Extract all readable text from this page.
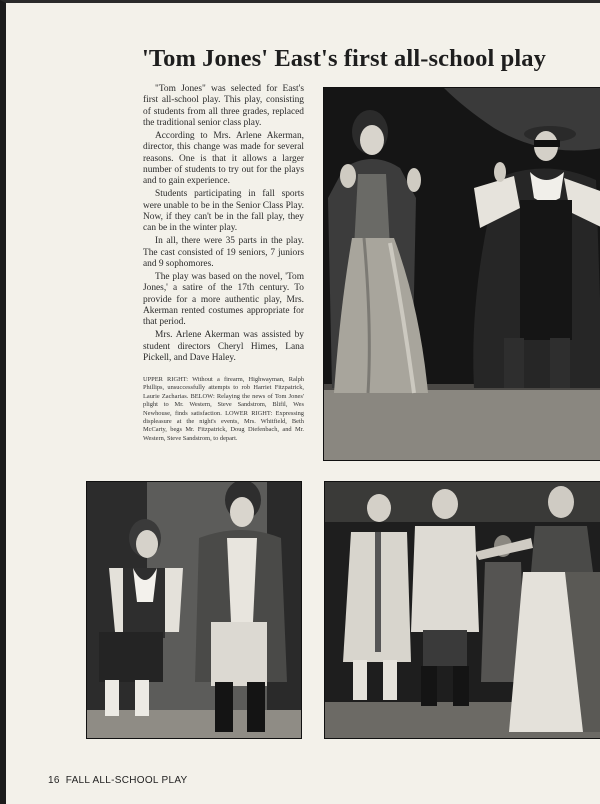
'Tom Jones' East's first all-school play

"Tom Jones" was selected for East's first all-school play. This play, consisting of students from all three grades, replaced the traditional senior class play.

According to Mrs. Arlene Akerman, director, this change was made for several reasons. One is that it allows a larger number of students to try out for the plays and to gain experience.

Students participating in fall sports were unable to be in the Senior Class Play. Now, if they can't be in the fall play, they can be in the winter play.

In all, there were 35 parts in the play. The cast consisted of 19 seniors, 7 juniors and 9 sophomores.

The play was based on the novel, 'Tom Jones,' a satire of the 17th century. To provide for a more authentic play, Mrs. Akerman rented costumes appropriate for that period.

Mrs. Arlene Akerman was assisted by student directors Cheryl Himes, Lana Pickell, and Dave Haley.

UPPER RIGHT: Without a firearm, Highwayman, Ralph Phillips, unsuccessfully attempts to rob Harriet Fitzpatrick, Laurie Zacharias. BELOW: Relaying the news of Tom Jones' plight to Mr. Western, Steve Sandstrom, Blifil, Wes Newhouse, finds satisfaction. LOWER RIGHT: Expressing displeasure at the night's events, Mrs. Whitfield, Beth McCarty, begs Mr. Fitzpatrick, Doug Diefenbach, and Mr. Western, Steve Sandstrom, to depart.
16 FALL ALL-SCHOOL PLAY
